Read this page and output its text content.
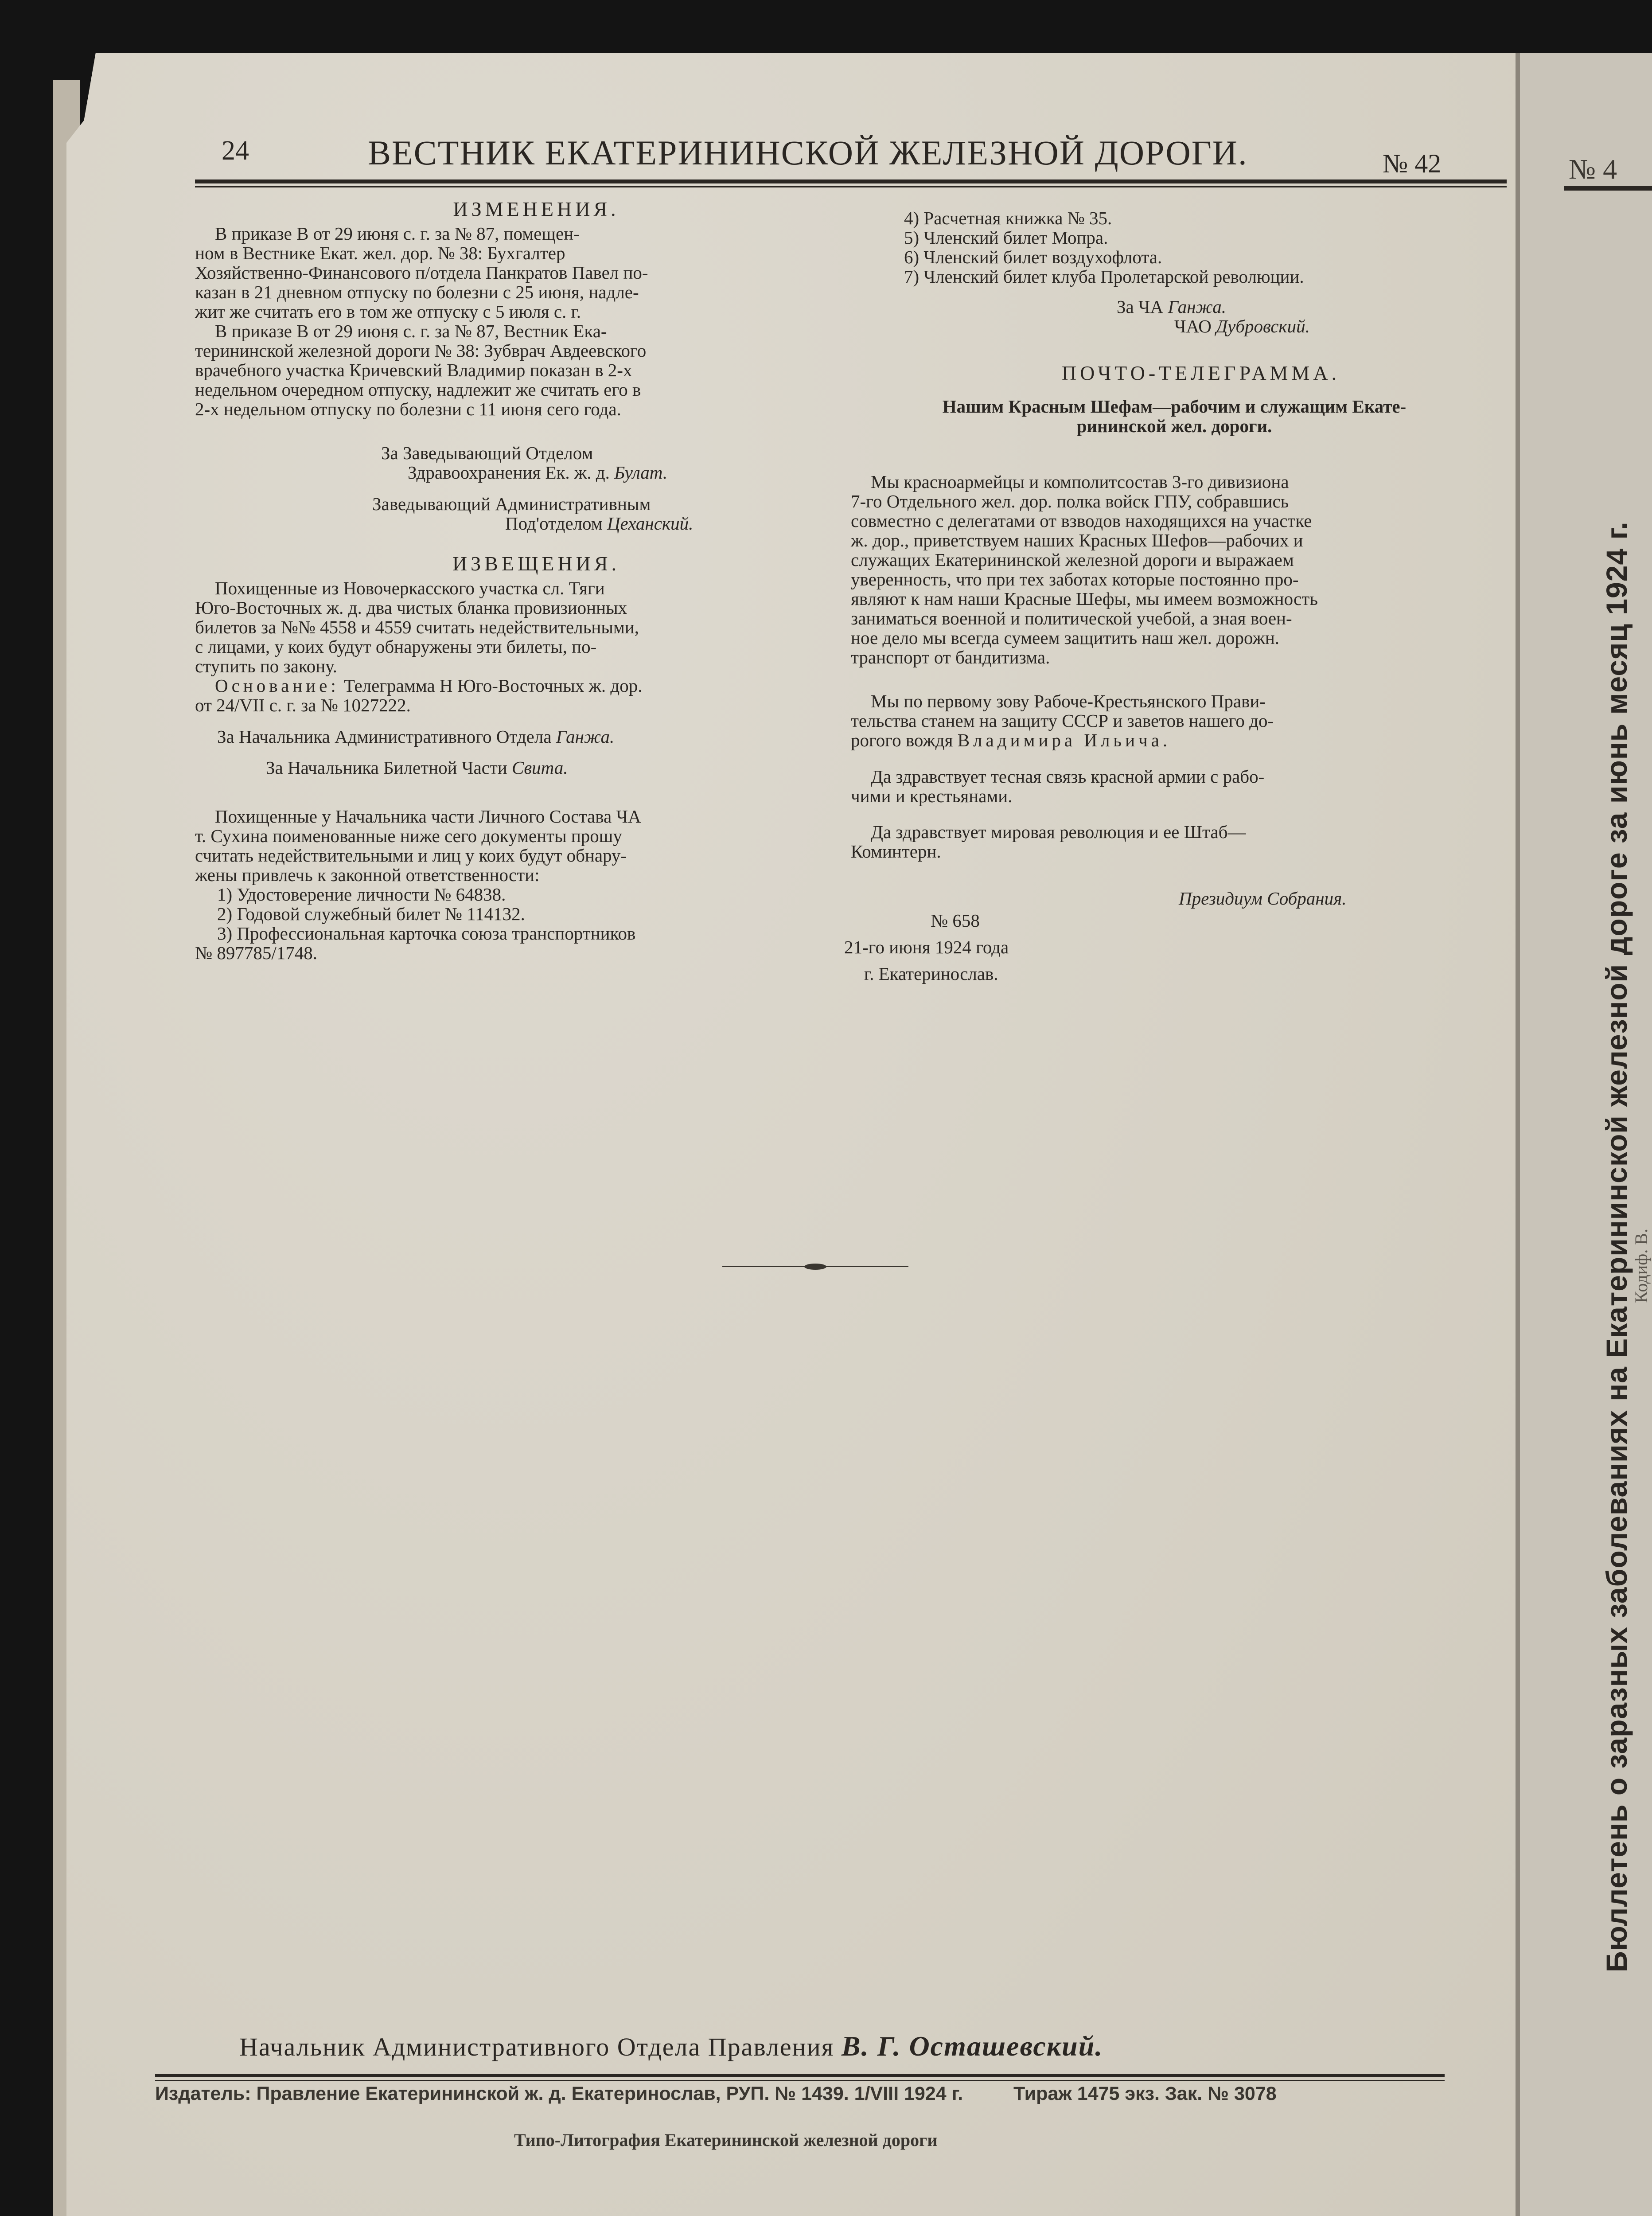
№ 4
Бюллетень о заразных заболеваниях на Екатерининской железной дороге за июнь месяц 1924 г.
Кодиф. В.
24	ВЕСТНИК ЕКАТЕРИНИНСКОЙ ЖЕЛЕЗНОЙ ДОРОГИ.	№ 42
ИЗМЕНЕНИЯ.
В приказе В от 29 июня с. г. за № 87, помещен-
ном в Вестнике Екат. жел. дор. № 38: Бухгалтер
Хозяйственно-Финансового п/отдела Панкратов Павел по-
казан в 21 дневном отпуску по болезни с 25 июня, надле-
жит же считать его в том же отпуску с 5 июля с. г.
В приказе В от 29 июня с. г. за № 87, Вестник Ека-
терининской железной дороги № 38: Зубврач Авдеевского
врачебного участка Кричевский Владимир показан в 2-х
недельном очередном отпуску, надлежит же считать его в
2-х недельном отпуску по болезни с 11 июня сего года.
За Заведывающий Отделом
Здравоохранения Ек. ж. д. Булат.
Заведывающий Административным
Под'отделом Цеханский.
ИЗВЕЩЕНИЯ.
Похищенные из Новочеркасского участка сл. Тяги
Юго-Восточных ж. д. два чистых бланка провизионных
билетов за №№ 4558 и 4559 считать недействительными,
с лицами, у коих будут обнаружены эти билеты, по-
ступить по закону.
Основание: Телеграмма Н Юго-Восточных ж. дор.
от 24/VII с. г. за № 1027222.
За Начальника Административного Отдела Ганжа.
За Начальника Билетной Части Свита.
Похищенные у Начальника части Личного Состава ЧА
т. Сухина поименованные ниже сего документы прошу
считать недействительными и лиц у коих будут обнару-
жены привлечь к законной ответственности:
1) Удостоверение личности № 64838.
2) Годовой служебный билет № 114132.
3) Профессиональная карточка союза транспортников
№ 897785/1748.
4) Расчетная книжка № 35.
5) Членский билет Мопра.
6) Членский билет воздухофлота.
7) Членский билет клуба Пролетарской революции.
За ЧА Ганжа.
ЧАО Дубровский.
ПОЧТО-ТЕЛЕГРАММА.
Нашим Красным Шефам—рабочим и служащим Екате-
рининской жел. дороги.
Мы красноармейцы и комполитсостав 3-го дивизиона
7-го Отдельного жел. дор. полка войск ГПУ, собравшись
совместно с делегатами от взводов находящихся на участке
ж. дор., приветствуем наших Красных Шефов—рабочих и
служащих Екатерининской железной дороги и выражаем
уверенность, что при тех заботах которые постоянно про-
являют к нам наши Красные Шефы, мы имеем возможность
заниматься военной и политической учебой, а зная воен-
ное дело мы всегда сумеем защитить наш жел. дорожн.
транспорт от бандитизма.
Мы по первому зову Рабоче-Крестьянского Прави-
тельства станем на защиту СССР и заветов нашего до-
рогого вождя Владимира Ильича.
Да здравствует тесная связь красной армии с рабо-
чими и крестьянами.
Да здравствует мировая революция и ее Штаб—
Коминтерн.
Президиум Собрания.
№ 658
21-го июня 1924 года
г. Екатеринослав.
Начальник Административного Отдела Правления В. Г. Осташевский.
Издатель: Правление Екатерининской ж. д. Екатеринослав, РУП. № 1439. 1/VIII 1924 г.	Тираж 1475 экз. Зак. № 3078
Типо-Литография Екатерининской железной дороги
